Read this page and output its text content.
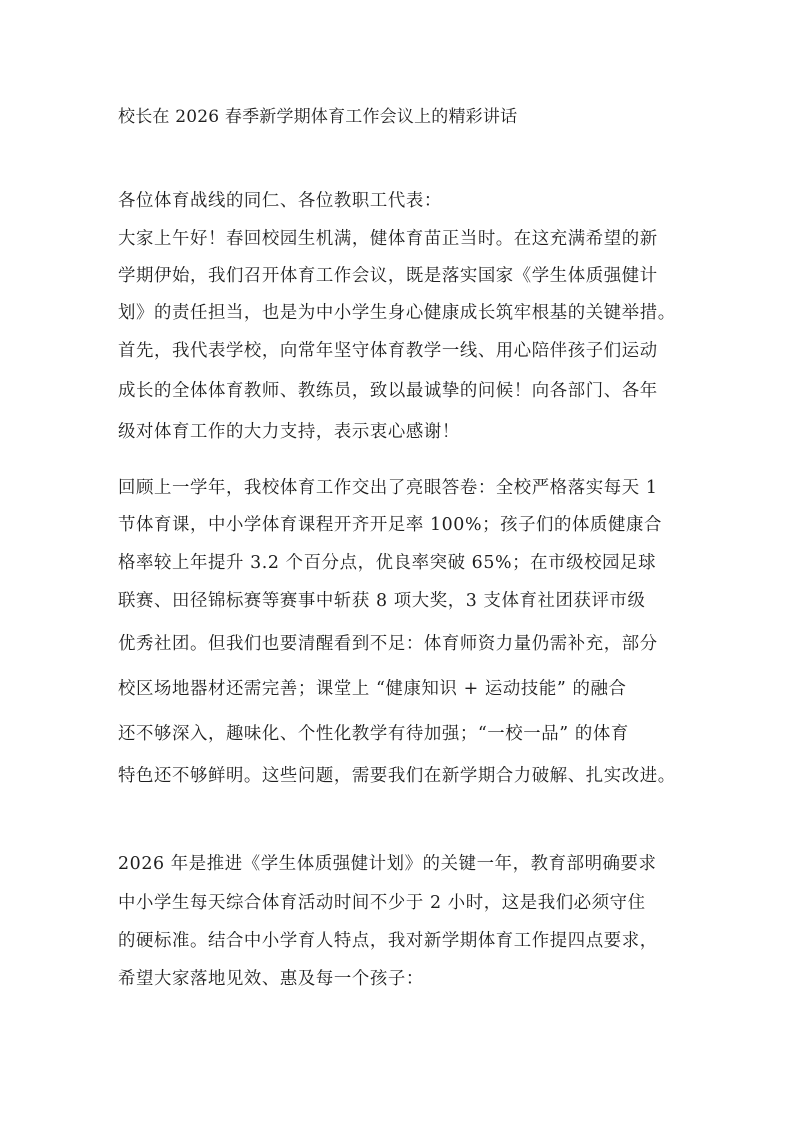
校长在 2026 春季新学期体育工作会议上的精彩讲话
各位体育战线的同仁、各位教职工代表：
大家上午好！春回校园生机满，健体育苗正当时。在这充满希望的新
学期伊始，我们召开体育工作会议，既是落实国家《学生体质强健计
划》的责任担当，也是为中小学生身心健康成长筑牢根基的关键举措。
首先，我代表学校，向常年坚守体育教学一线、用心陪伴孩子们运动
成长的全体体育教师、教练员，致以最诚挚的问候！向各部门、各年
级对体育工作的大力支持，表示衷心感谢！
回顾上一学年，我校体育工作交出了亮眼答卷：全校严格落实每天 1
节体育课，中小学体育课程开齐开足率 100%；孩子们的体质健康合
格率较上年提升 3.2 个百分点，优良率突破 65%；在市级校园足球
联赛、田径锦标赛等赛事中斩获 8 项大奖，3 支体育社团获评市级
优秀社团。但我们也要清醒看到不足：体育师资力量仍需补充，部分
校区场地器材还需完善；课堂上 “健康知识 + 运动技能” 的融合
还不够深入，趣味化、个性化教学有待加强；“一校一品” 的体育
特色还不够鲜明。这些问题，需要我们在新学期合力破解、扎实改进。
2026 年是推进《学生体质强健计划》的关键一年，教育部明确要求
中小学生每天综合体育活动时间不少于 2 小时，这是我们必须守住
的硬标准。结合中小学育人特点，我对新学期体育工作提四点要求，
希望大家落地见效、惠及每一个孩子：
